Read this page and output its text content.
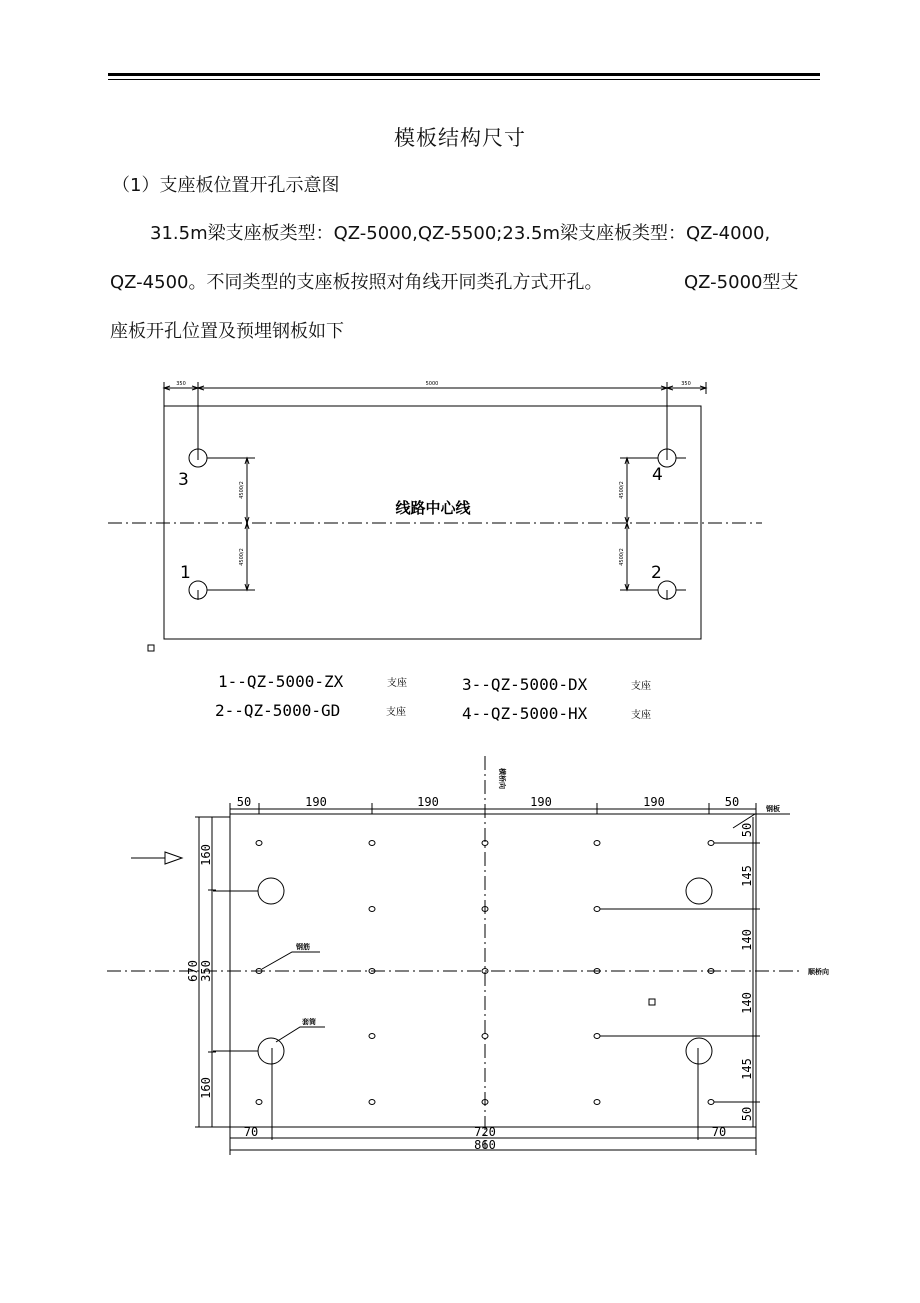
模板结构尺寸
（1）支座板位置开孔示意图
31.5m梁支座板类型：QZ-5000,QZ-5500;23.5m梁支座板类型：QZ-4000,
QZ-4500。不同类型的支座板按照对角线开同类孔方式开孔。	QZ-5000型支
座板开孔位置及预埋钢板如下
350	5000	350
4500/2
4500/2
4500/2
4500/2
线路中心线
3	4
1	2
1--QZ-5000-ZX	支座	3--QZ-5000-DX	支座
2--QZ-5000-GD	支座	4--QZ-5000-HX	支座
50	190	190	190	190	50
50
145
140
140
145
50
160
350
160
670
70	720	70
860
横桥向
顺桥向
钢板
钢筋
套筒
